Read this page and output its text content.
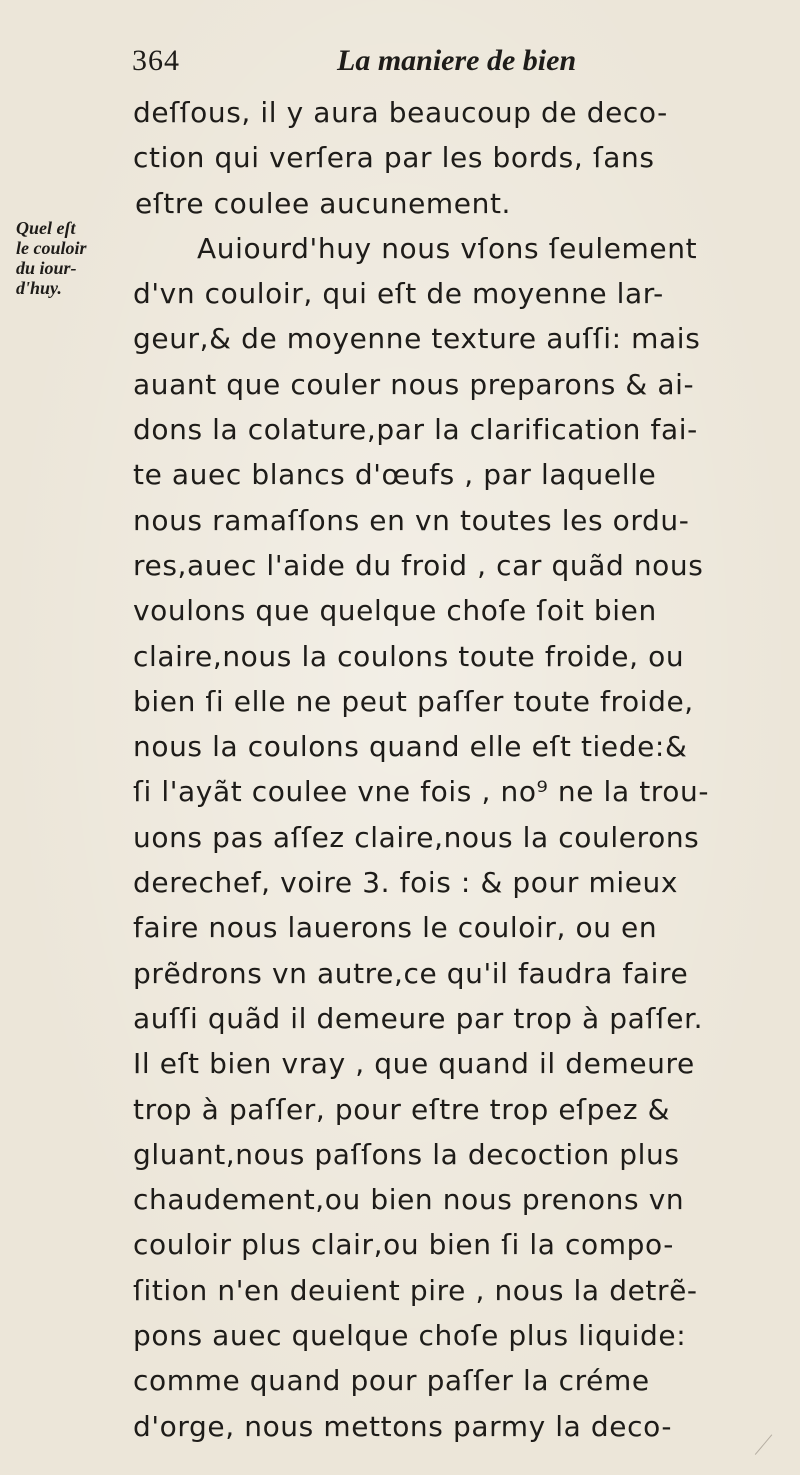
364	La maniere de bien
Quel eſt
le couloir
du iour-
d'huy.
deſſous, il y aura beaucoup de deco-
ction qui verſera par les bords, ſans
eſtre coulee aucunement.
Auiourd'huy nous vſons ſeulement
d'vn couloir, qui eſt de moyenne lar-
geur,& de moyenne texture auſſi: mais
auant que couler nous preparons & ai-
dons la colature,par la clarification fai-
te auec blancs d'œufs , par laquelle
nous ramaſſons en vn toutes les ordu-
res,auec l'aide du froid , car quãd nous
voulons que quelque choſe ſoit bien
claire,nous la coulons toute froide, ou
bien ſi elle ne peut paſſer toute froide,
nous la coulons quand elle eſt tiede:&
ſi l'ayãt coulee vne fois , no⁹ ne la trou-
uons pas aſſez claire,nous la coulerons
derechef, voire 3. fois : & pour mieux
faire nous lauerons le couloir, ou en
prẽdrons vn autre,ce qu'il faudra faire
auſſi quãd il demeure par trop à paſſer.
Il eſt bien vray , que quand il demeure
trop à paſſer, pour eſtre trop eſpez &
gluant,nous paſſons la decoction plus
chaudement,ou bien nous prenons vn
couloir plus clair,ou bien ſi la compo-
ſition n'en deuient pire , nous la detrẽ-
pons auec quelque choſe plus liquide:
comme quand pour paſſer la créme
d'orge, nous mettons parmy la deco-
